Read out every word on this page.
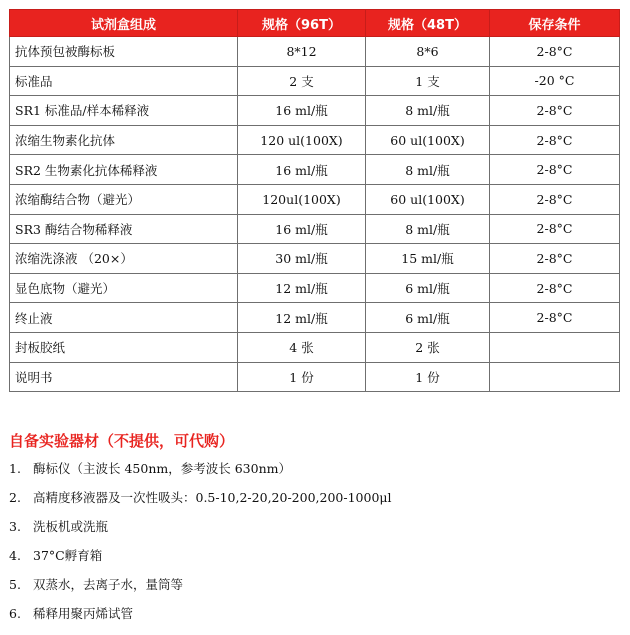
试剂盒组成	规格（96T）	规格（48T）	保存条件
抗体预包被酶标板	8*12	8*6	2-8°C
标准品	2 支	1 支	-20 °C
SR1 标准品/样本稀释液	16 ml/瓶	8 ml/瓶	2-8°C
浓缩生物素化抗体	120 ul(100X)	60 ul(100X)	2-8°C
SR2 生物素化抗体稀释液	16 ml/瓶	8 ml/瓶	2-8°C
浓缩酶结合物（避光）	120ul(100X)	60 ul(100X)	2-8°C
SR3 酶结合物稀释液	16 ml/瓶	8 ml/瓶	2-8°C
浓缩洗涤液 （20×）	30 ml/瓶	15 ml/瓶	2-8°C
显色底物（避光）	12 ml/瓶	6 ml/瓶	2-8°C
终止液	12 ml/瓶	6 ml/瓶	2-8°C
封板胶纸	4 张	2 张	
说明书	1 份	1 份	
自备实验器材（不提供，可代购）
1. 酶标仪（主波长 450nm，参考波长 630nm）
2. 高精度移液器及一次性吸头：0.5-10,2-20,20-200,200-1000μl
3. 洗板机或洗瓶
4. 37°C孵育箱
5. 双蒸水，去离子水，量筒等
6. 稀释用聚丙烯试管
